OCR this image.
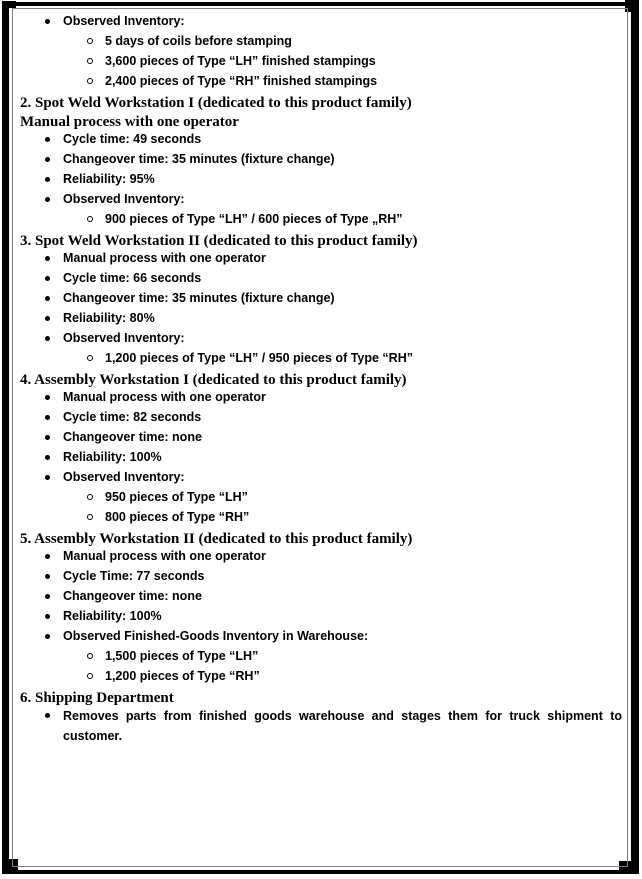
Observed Inventory:
5 days of coils before stamping
3,600 pieces of Type “LH” finished stampings
2,400 pieces of Type “RH” finished stampings
2. Spot Weld Workstation I (dedicated to this product family)
Manual process with one operator
Cycle time: 49 seconds
Changeover time: 35 minutes (fixture change)
Reliability: 95%
Observed Inventory:
900 pieces of Type “LH” / 600 pieces of Type „RH”
3. Spot Weld Workstation II (dedicated to this product family)
Manual process with one operator
Cycle time: 66 seconds
Changeover time: 35 minutes (fixture change)
Reliability: 80%
Observed Inventory:
1,200 pieces of Type “LH” / 950 pieces of Type “RH”
4. Assembly Workstation I (dedicated to this product family)
Manual process with one operator
Cycle time: 82 seconds
Changeover time: none
Reliability: 100%
Observed Inventory:
950 pieces of Type “LH”
800 pieces of Type “RH”
5. Assembly Workstation II (dedicated to this product family)
Manual process with one operator
Cycle Time: 77 seconds
Changeover time: none
Reliability: 100%
Observed Finished-Goods Inventory in Warehouse:
1,500 pieces of Type “LH”
1,200 pieces of Type “RH”
6. Shipping Department
Removes parts from finished goods warehouse and stages them for truck shipment to customer.
